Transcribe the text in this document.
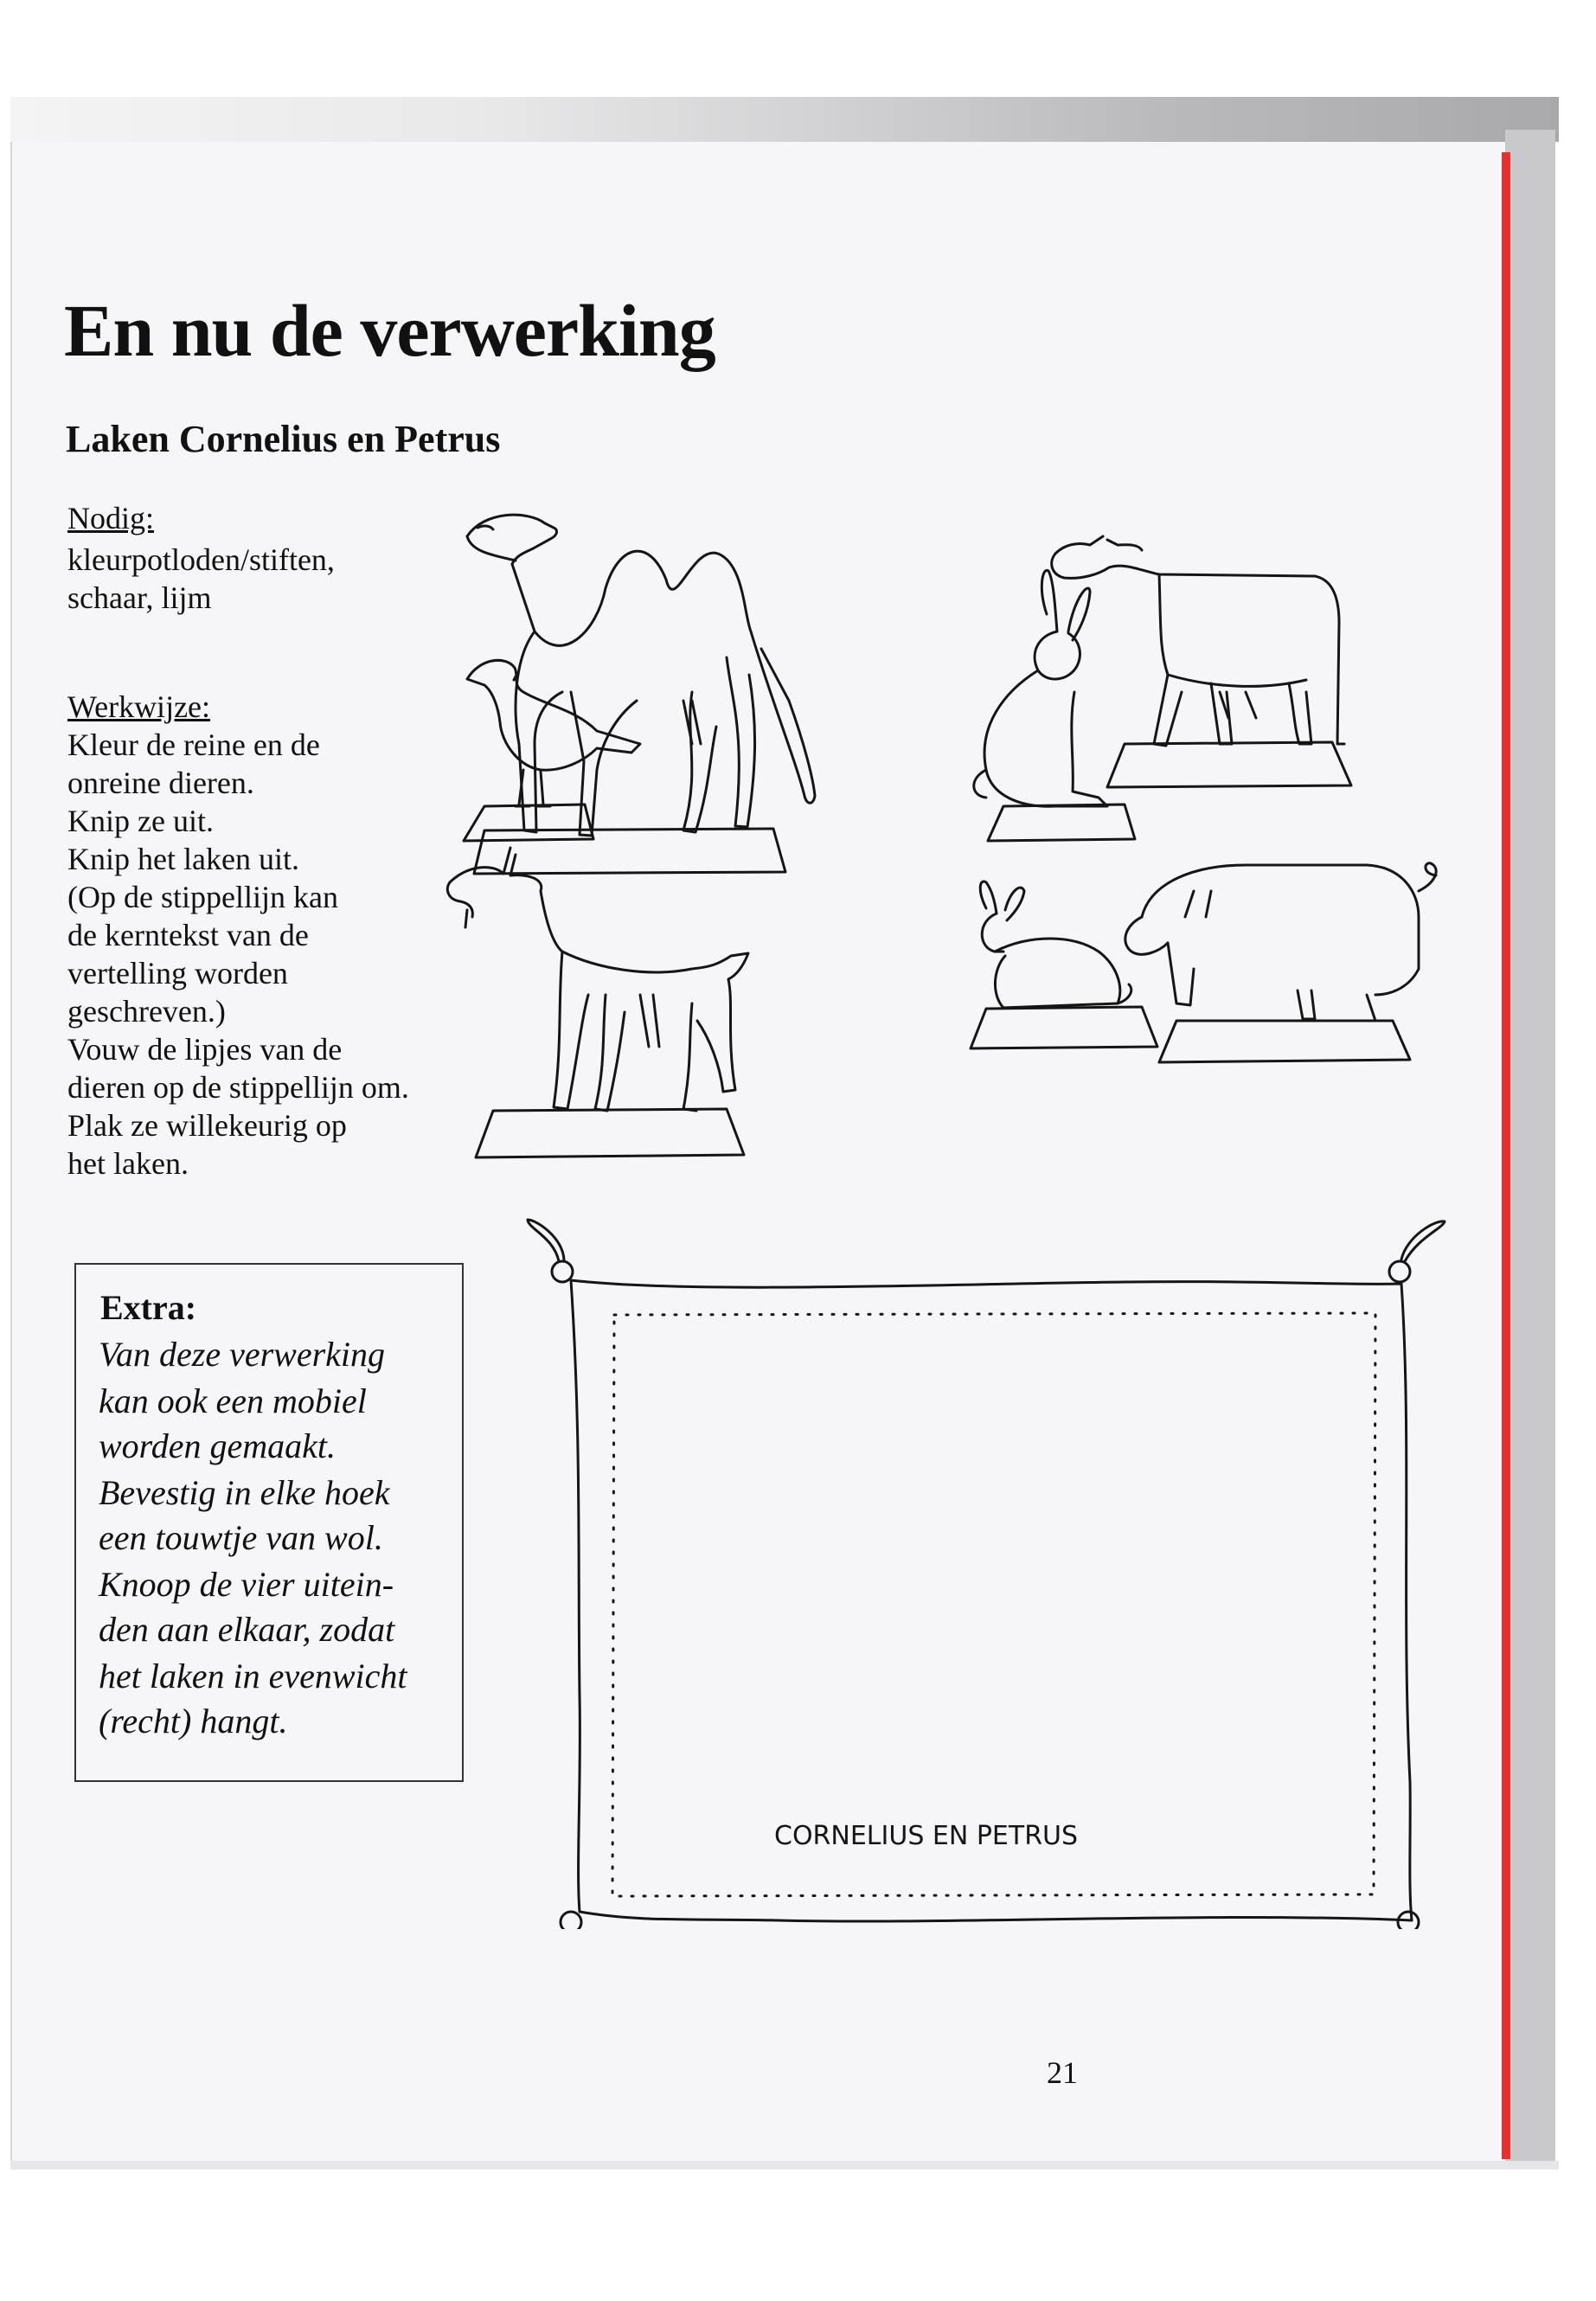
En nu de verwerking
Laken Cornelius en Petrus
Nodig:
kleurpotloden/stiften,
schaar, lijm
Werkwijze:
Kleur de reine en de
onreine dieren.
Knip ze uit.
Knip het laken uit.
(Op de stippellijn kan
de kerntekst van de
vertelling worden
geschreven.)
Vouw de lipjes van de
dieren op de stippellijn om.
Plak ze willekeurig op
het laken.
Extra:
Van deze verwerking
kan ook een mobiel
worden gemaakt.
Bevestig in elke hoek
een touwtje van wol.
Knoop de vier uitein-
den aan elkaar, zodat
het laken in evenwicht
(recht) hangt.
CORNELIUS EN PETRUS
21
